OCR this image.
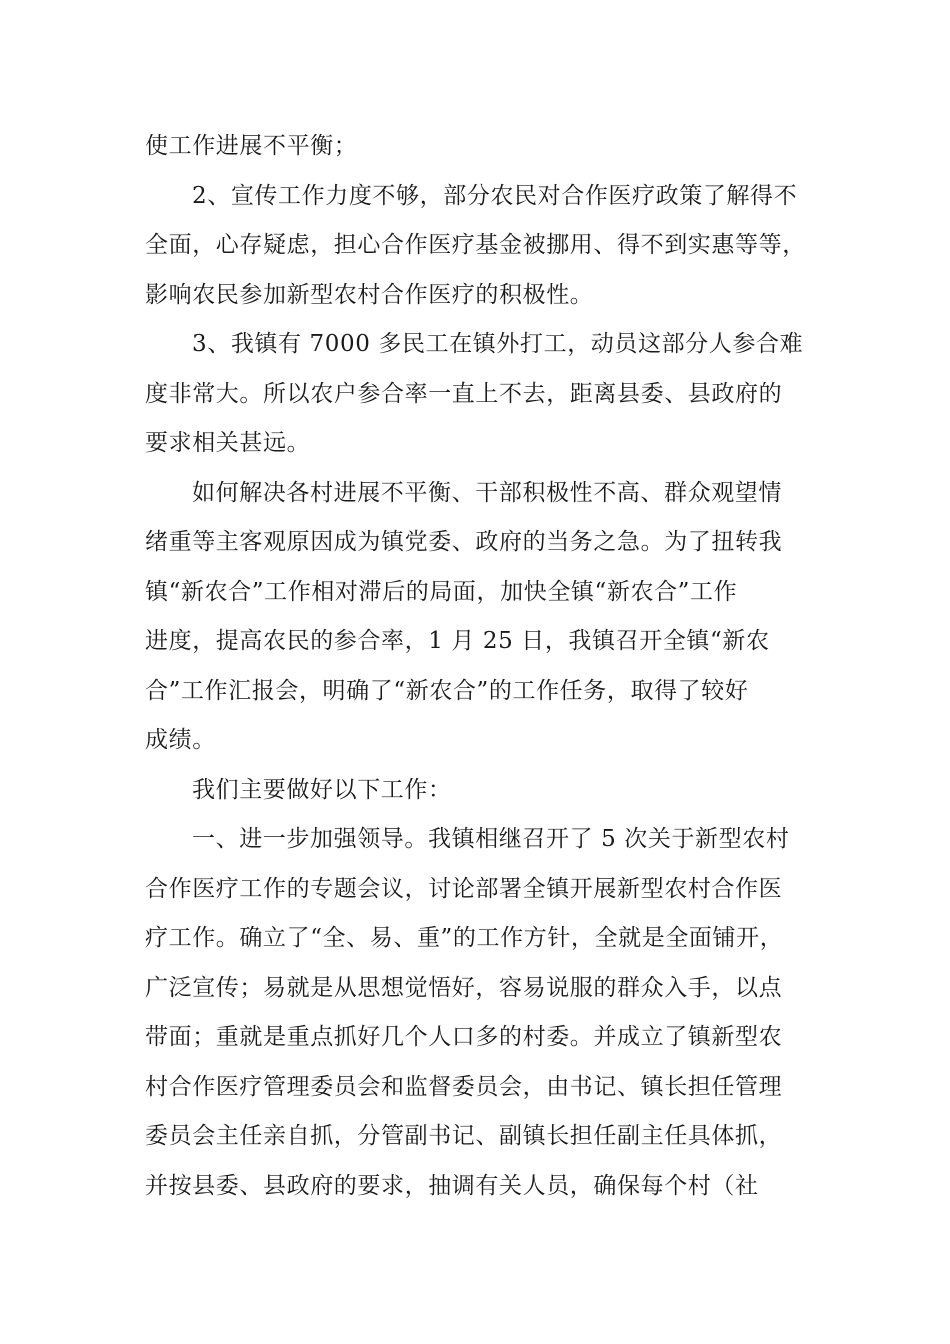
使工作进展不平衡；
2、宣传工作力度不够，部分农民对合作医疗政策了解得不
全面，心存疑虑，担心合作医疗基金被挪用、得不到实惠等等，
影响农民参加新型农村合作医疗的积极性。
3、我镇有 7000 多民工在镇外打工，动员这部分人参合难
度非常大。所以农户参合率一直上不去，距离县委、县政府的
要求相关甚远。
如何解决各村进展不平衡、干部积极性不高、群众观望情
绪重等主客观原因成为镇党委、政府的当务之急。为了扭转我
镇“新农合”工作相对滞后的局面，加快全镇“新农合”工作
进度，提高农民的参合率，1 月 25 日，我镇召开全镇“新农
合”工作汇报会，明确了“新农合”的工作任务，取得了较好
成绩。
我们主要做好以下工作：
一、进一步加强领导。我镇相继召开了 5 次关于新型农村
合作医疗工作的专题会议，讨论部署全镇开展新型农村合作医
疗工作。确立了“全、易、重”的工作方针，全就是全面铺开，
广泛宣传；易就是从思想觉悟好，容易说服的群众入手，以点
带面；重就是重点抓好几个人口多的村委。并成立了镇新型农
村合作医疗管理委员会和监督委员会，由书记、镇长担任管理
委员会主任亲自抓，分管副书记、副镇长担任副主任具体抓，
并按县委、县政府的要求，抽调有关人员，确保每个村（社
